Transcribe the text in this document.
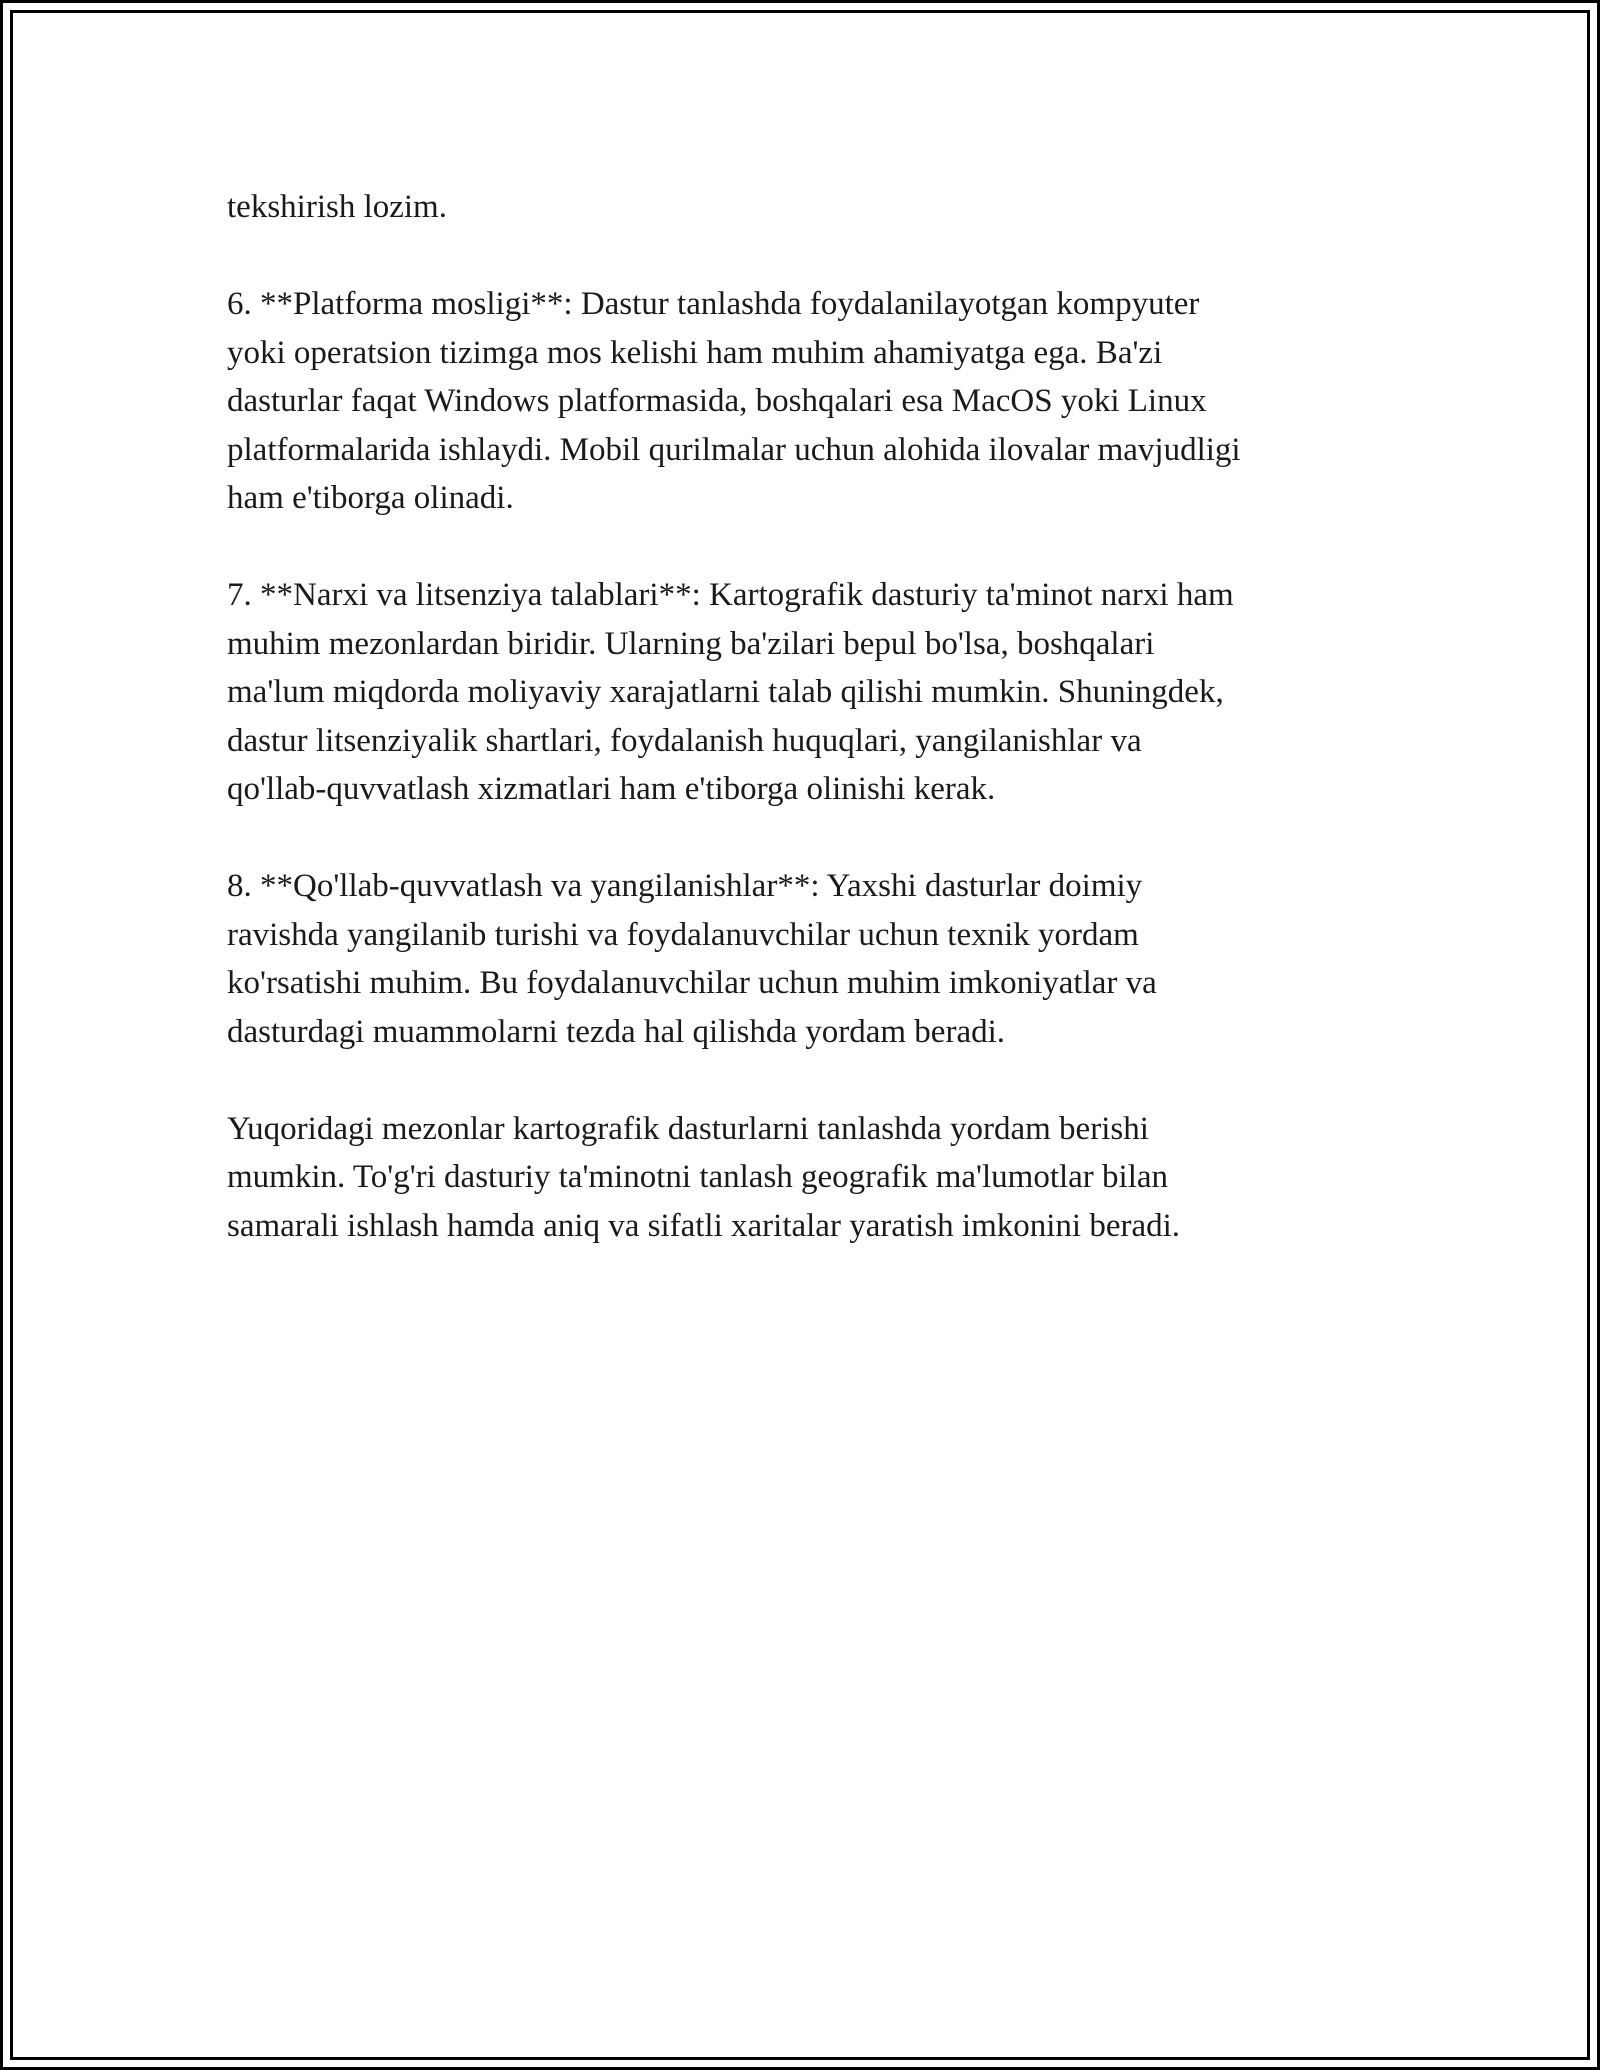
tekshirish lozim.

6. **Platforma mosligi**: Dastur tanlashda foydalanilayotgan kompyuter
yoki operatsion tizimga mos kelishi ham muhim ahamiyatga ega. Ba'zi
dasturlar faqat Windows platformasida, boshqalari esa MacOS yoki Linux
platformalarida ishlaydi. Mobil qurilmalar uchun alohida ilovalar mavjudligi
ham e'tiborga olinadi.

7. **Narxi va litsenziya talablari**: Kartografik dasturiy ta'minot narxi ham
muhim mezonlardan biridir. Ularning ba'zilari bepul bo'lsa, boshqalari
ma'lum miqdorda moliyaviy xarajatlarni talab qilishi mumkin. Shuningdek,
dastur litsenziyalik shartlari, foydalanish huquqlari, yangilanishlar va
qo'llab-quvvatlash xizmatlari ham e'tiborga olinishi kerak.

8. **Qo'llab-quvvatlash va yangilanishlar**: Yaxshi dasturlar doimiy
ravishda yangilanib turishi va foydalanuvchilar uchun texnik yordam
ko'rsatishi muhim. Bu foydalanuvchilar uchun muhim imkoniyatlar va
dasturdagi muammolarni tezda hal qilishda yordam beradi.

Yuqoridagi mezonlar kartografik dasturlarni tanlashda yordam berishi
mumkin. To'g'ri dasturiy ta'minotni tanlash geografik ma'lumotlar bilan
samarali ishlash hamda aniq va sifatli xaritalar yaratish imkonini beradi.
